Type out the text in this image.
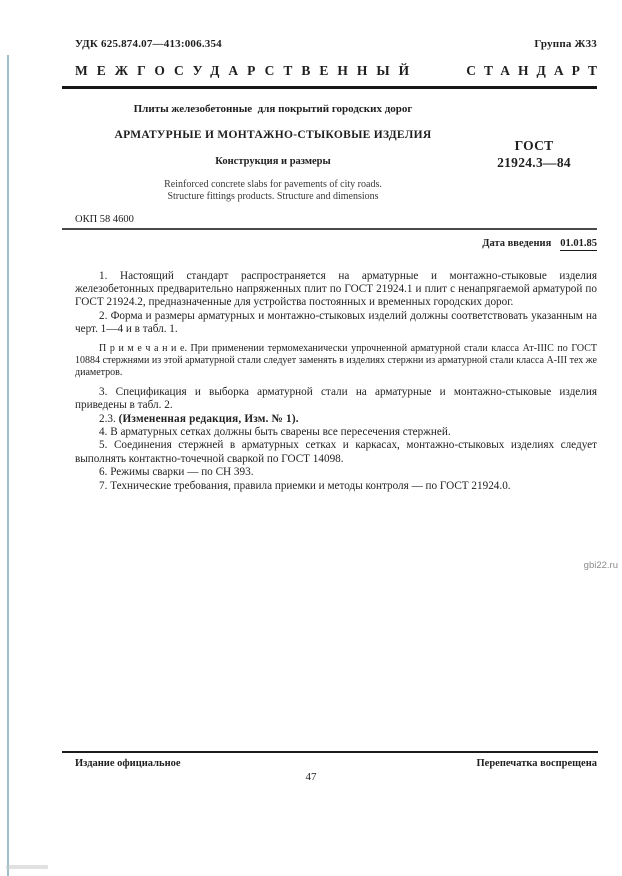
УДК 625.874.07—413:006.354	Группа Ж33
МЕЖГОСУДАРСТВЕННЫЙ	СТАНДАРТ
Плиты железобетонные  для покрытий городских дорог
АРМАТУРНЫЕ И МОНТАЖНО-СТЫКОВЫЕ ИЗДЕЛИЯ
Конструкция и размеры
Reinforced concrete slabs for pavements of city roads.
Structure fittings products. Structure and dimensions
ГОСТ
21924.3—84
ОКП 58 4600
Дата введения 01.01.85

1. Настоящий стандарт распространяется на арматурные и монтажно-стыковые изделия железобетонных предварительно напряженных плит по ГОСТ 21924.1 и плит с ненапрягаемой арматурой по ГОСТ 21924.2, предназначенные для устройства постоянных и временных городских дорог.

2. Форма и размеры арматурных и монтажно-стыковых изделий должны соответствовать указанным на черт. 1—4 и в табл. 1.

П р и м е ч а н и е. При применении термомеханически упрочненной арматурной стали класса Ат-IIIС по ГОСТ 10884 стержнями из этой арматурной стали следует заменять в изделиях стержни из арматурной стали класса А-III тех же диаметров.

3. Спецификация и выборка арматурной стали на арматурные и монтажно-стыковые изделия приведены в табл. 2.

2.3. (Измененная редакция, Изм. № 1).

4. В арматурных сетках должны быть сварены все пересечения стержней.

5. Соединения стержней в арматурных сетках и каркасах, монтажно-стыковых изделиях следует выполнять контактно-точечной сваркой по ГОСТ 14098.

6. Режимы сварки — по СН 393.

7. Технические требования, правила приемки и методы контроля — по ГОСТ 21924.0.

gbi22.ru
Издание официальное	Перепечатка воспрещена
47
